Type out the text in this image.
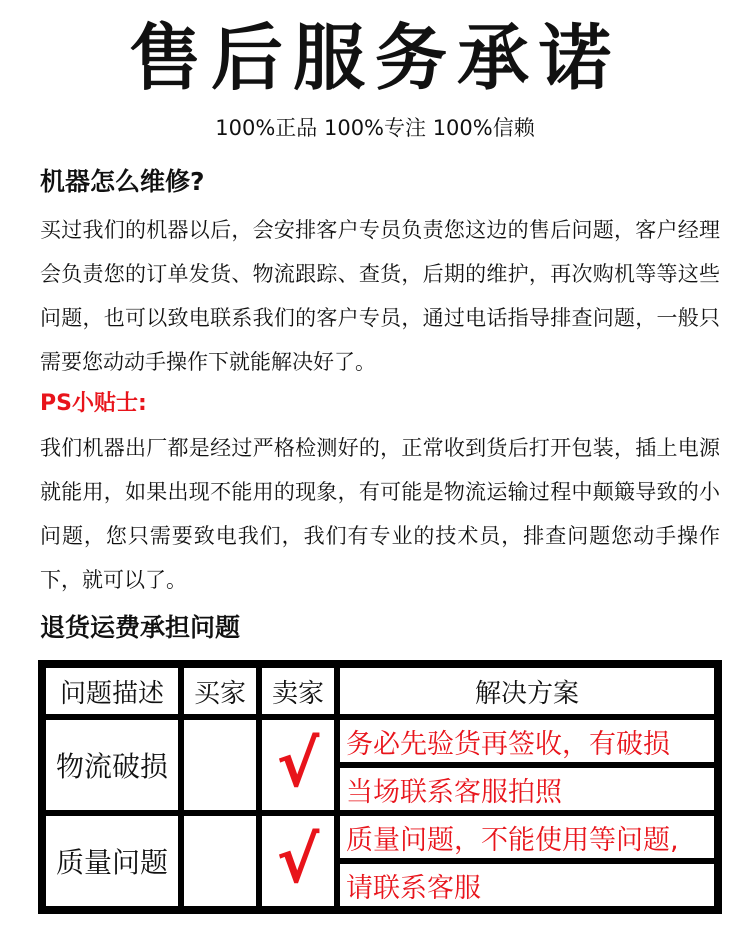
售后服务承诺
100%正品 100%专注 100%信赖
机器怎么维修?
买过我们的机器以后，会安排客户专员负责您这边的售后问题，客户经理会负责您的订单发货、物流跟踪、查货，后期的维护，再次购机等等这些问题，也可以致电联系我们的客户专员，通过电话指导排查问题，一般只需要您动动手操作下就能解决好了。
PS小贴士:
我们机器出厂都是经过严格检测好的，正常收到货后打开包装，插上电源就能用，如果出现不能用的现象，有可能是物流运输过程中颠簸导致的小问题，您只需要致电我们，我们有专业的技术员，排查问题您动手操作下，就可以了。
退货运费承担问题
问题描述	买家	卖家	解决方案
物流破损		√	务必先验货再签收，有破损
			当场联系客服拍照
质量问题		√	质量问题，不能使用等问题,
			请联系客服
